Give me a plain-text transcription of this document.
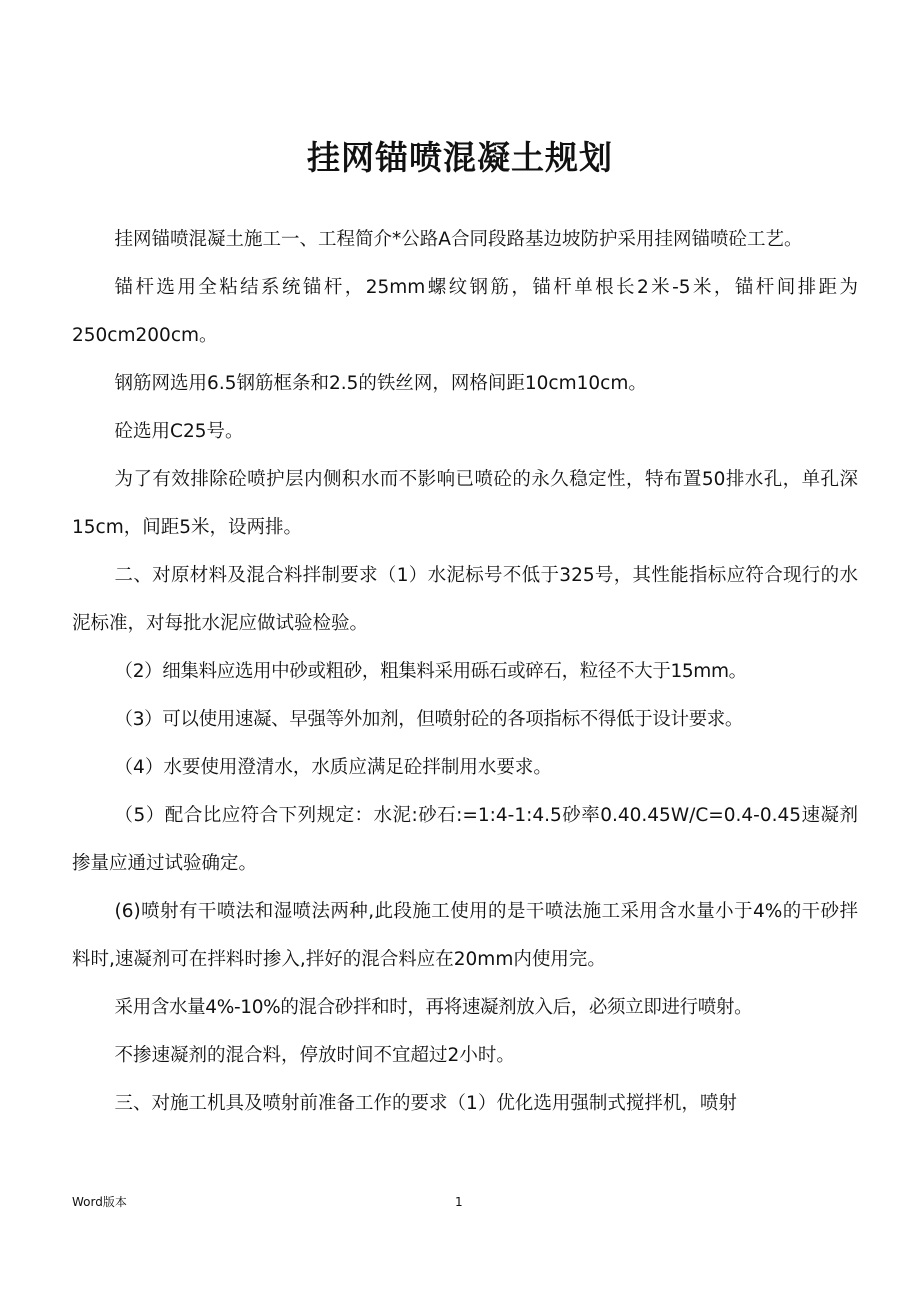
挂网锚喷混凝土规划

挂网锚喷混凝土施工一、工程简介*公路A合同段路基边坡防护采用挂网锚喷砼工艺。

锚杆选用全粘结系统锚杆，25mm螺纹钢筋，锚杆单根长2米-5米，锚杆间排距为250cm200cm。

钢筋网选用6.5钢筋框条和2.5的铁丝网，网格间距10cm10cm。

砼选用C25号。

为了有效排除砼喷护层内侧积水而不影响已喷砼的永久稳定性，特布置50排水孔，单孔深15cm，间距5米，设两排。

二、对原材料及混合料拌制要求（1）水泥标号不低于325号，其性能指标应符合现行的水泥标准，对每批水泥应做试验检验。

（2）细集料应选用中砂或粗砂，粗集料采用砾石或碎石，粒径不大于15mm。

（3）可以使用速凝、早强等外加剂，但喷射砼的各项指标不得低于设计要求。

（4）水要使用澄清水，水质应满足砼拌制用水要求。

（5）配合比应符合下列规定：水泥:砂石:=1:4-1:4.5砂率0.40.45W/C=0.4-0.45速凝剂掺量应通过试验确定。

(6)喷射有干喷法和湿喷法两种,此段施工使用的是干喷法施工采用含水量小于4%的干砂拌料时,速凝剂可在拌料时掺入,拌好的混合料应在20mm内使用完。

采用含水量4%-10%的混合砂拌和时，再将速凝剂放入后，必须立即进行喷射。

不掺速凝剂的混合料，停放时间不宜超过2小时。

三、对施工机具及喷射前准备工作的要求（1）优化选用强制式搅拌机，喷射

Word版本	1
